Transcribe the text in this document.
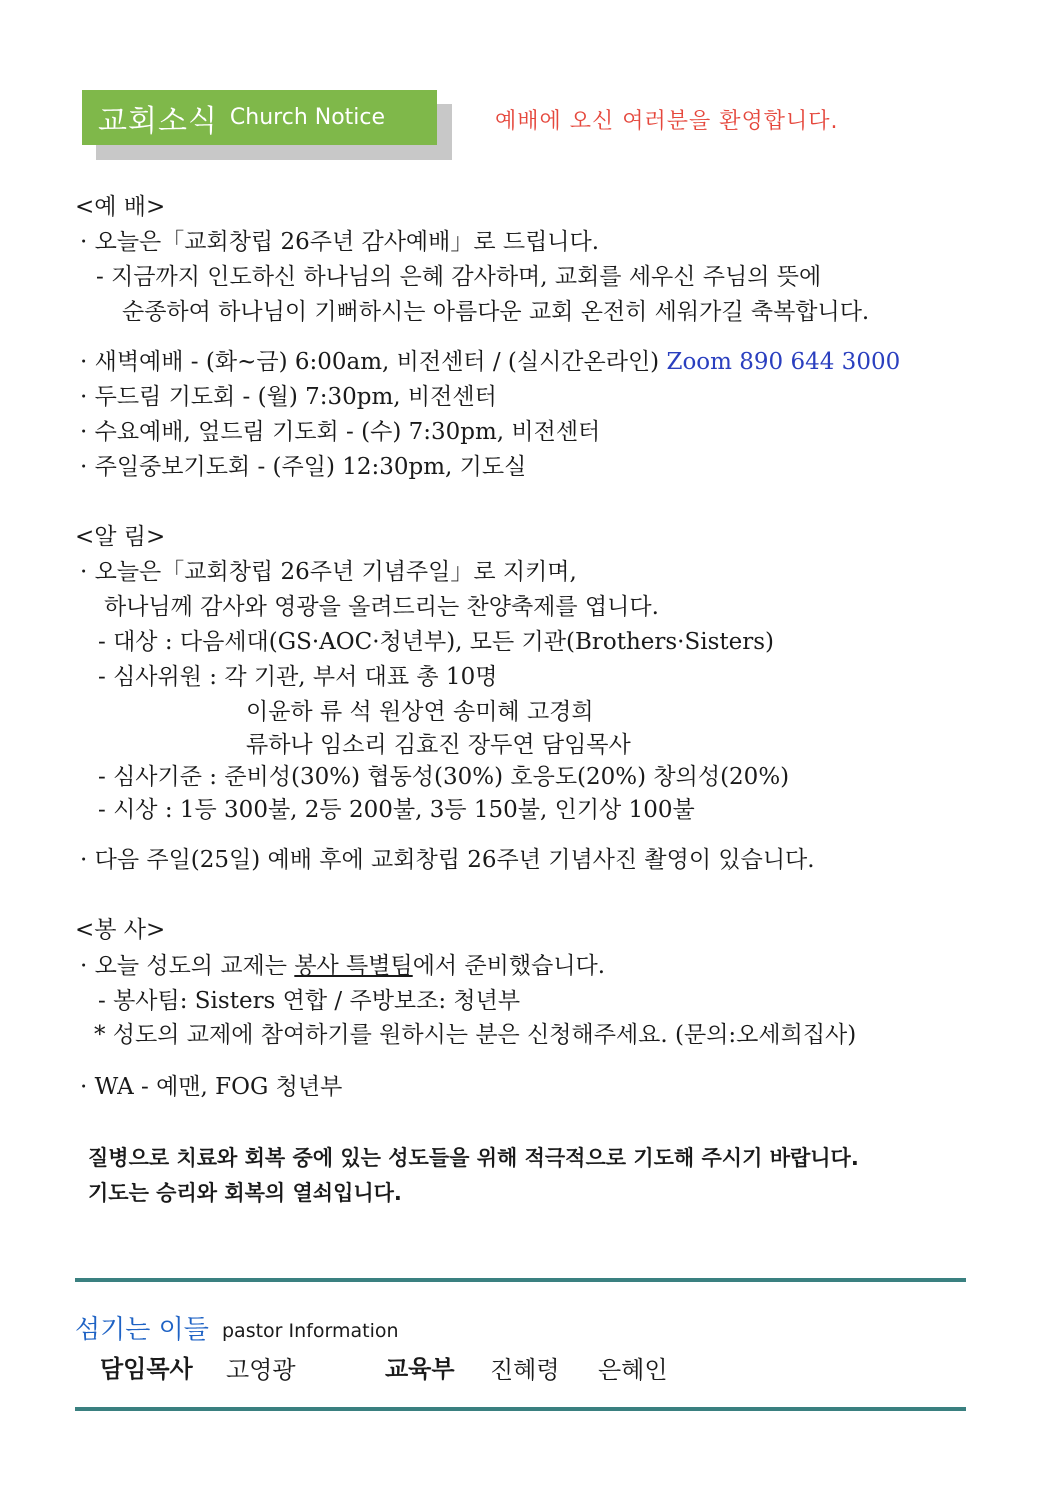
교회소식 Church Notice	예배에 오신 여러분을 환영합니다.
<예 배>
· 오늘은「교회창립 26주년 감사예배」로 드립니다.
- 지금까지 인도하신 하나님의 은혜 감사하며, 교회를 세우신 주님의 뜻에
순종하여 하나님이 기뻐하시는 아름다운 교회 온전히 세워가길 축복합니다.
· 새벽예배 - (화~금) 6:00am, 비전센터 / (실시간온라인) Zoom 890 644 3000
· 두드림 기도회 - (월) 7:30pm, 비전센터
· 수요예배, 엎드림 기도회 - (수) 7:30pm, 비전센터
· 주일중보기도회 - (주일) 12:30pm, 기도실
<알 림>
· 오늘은「교회창립 26주년 기념주일」로 지키며,
하나님께 감사와 영광을 올려드리는 찬양축제를 엽니다.
- 대상 : 다음세대(GS·AOC·청년부), 모든 기관(Brothers·Sisters)
- 심사위원 : 각 기관, 부서 대표 총 10명
이윤하 류 석 원상연 송미혜 고경희
류하나 임소리 김효진 장두연 담임목사
- 심사기준 : 준비성(30%) 협동성(30%) 호응도(20%) 창의성(20%)
- 시상 : 1등 300불, 2등 200불, 3등 150불, 인기상 100불
· 다음 주일(25일) 예배 후에 교회창립 26주년 기념사진 촬영이 있습니다.
<봉 사>
· 오늘 성도의 교제는 봉사 특별팀에서 준비했습니다.
- 봉사팀: Sisters 연합 / 주방보조: 청년부
* 성도의 교제에 참여하기를 원하시는 분은 신청해주세요. (문의:오세희집사)
· WA - 예맨, FOG 청년부
질병으로 치료와 회복 중에 있는 성도들을 위해 적극적으로 기도해 주시기 바랍니다.
기도는 승리와 회복의 열쇠입니다.
섬기는 이들 pastor Information
담임목사 고영광	교육부 진혜령 은혜인
